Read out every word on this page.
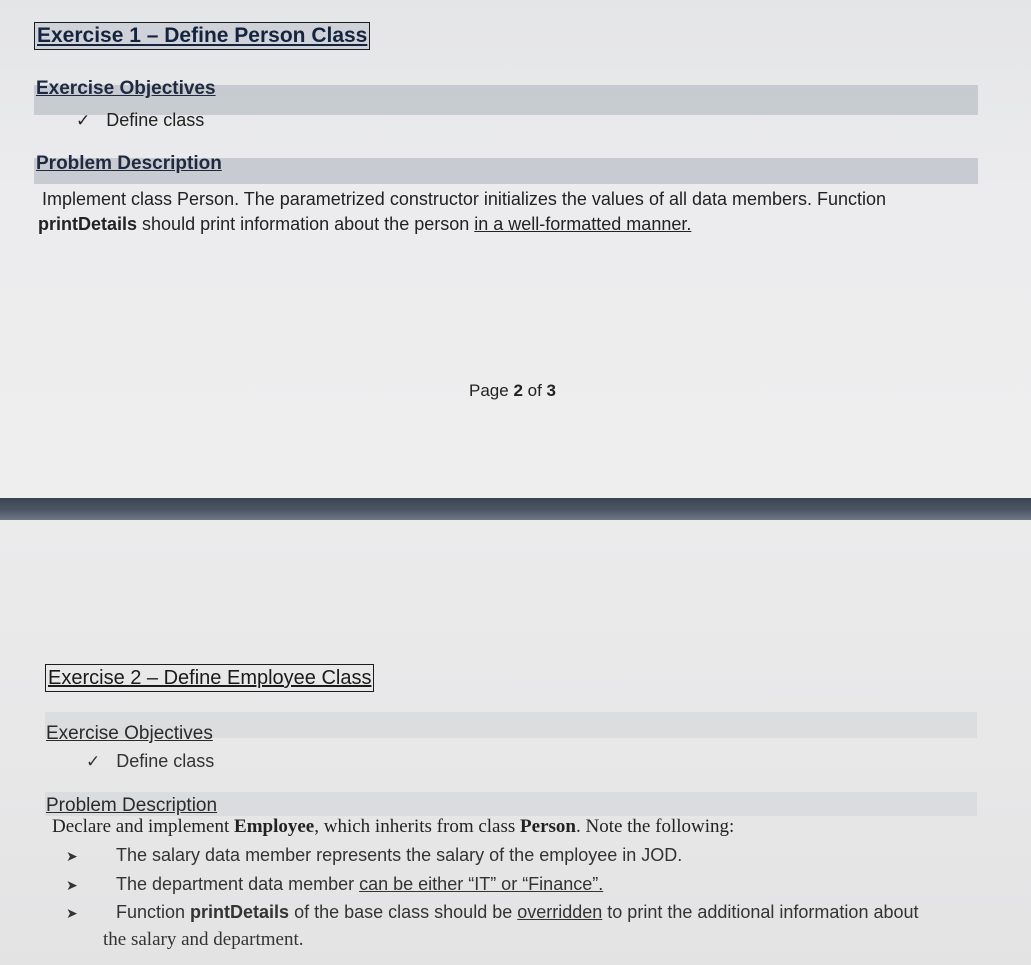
Exercise 1 – Define Person Class
Exercise Objectives
✓ Define class
Problem Description
Implement class Person. The parametrized constructor initializes the values of all data members. Function
printDetails should print information about the person in a well-formatted manner.
Page 2 of 3
Exercise 2 – Define Employee Class
Exercise Objectives
✓ Define class
Problem Description
Declare and implement Employee, which inherits from class Person. Note the following:
➤ The salary data member represents the salary of the employee in JOD.
➤ The department data member can be either “IT” or “Finance”.
➤ Function printDetails of the base class should be overridden to print the additional information about
the salary and department.
